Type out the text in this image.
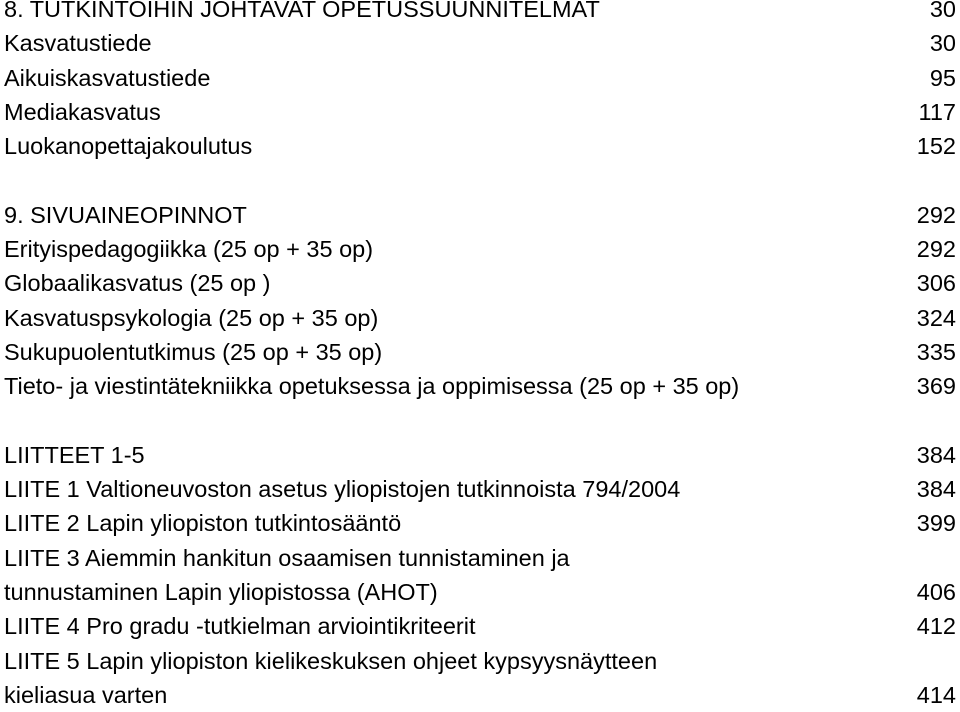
8. TUTKINTOIHIN JOHTAVAT OPETUSSUUNNITELMAT	30
Kasvatustiede	30
Aikuiskasvatustiede	95
Mediakasvatus	117
Luokanopettajakoulutus	152
9. SIVUAINEOPINNOT	292
Erityispedagogiikka (25 op + 35 op)	292
Globaalikasvatus (25 op )	306
Kasvatuspsykologia (25 op + 35 op)	324
Sukupuolentutkimus (25 op + 35 op)	335
Tieto- ja viestintätekniikka opetuksessa ja oppimisessa (25 op + 35 op)	369
LIITTEET 1-5	384
LIITE 1 Valtioneuvoston asetus yliopistojen tutkinnoista 794/2004	384
LIITE 2 Lapin yliopiston tutkintosääntö	399
LIITE 3 Aiemmin hankitun osaamisen tunnistaminen ja
tunnustaminen Lapin yliopistossa (AHOT)	406
LIITE 4 Pro gradu -tutkielman arviointikriteerit	412
LIITE 5 Lapin yliopiston kielikeskuksen ohjeet kypsyysnäytteen
kieliasua varten	414
